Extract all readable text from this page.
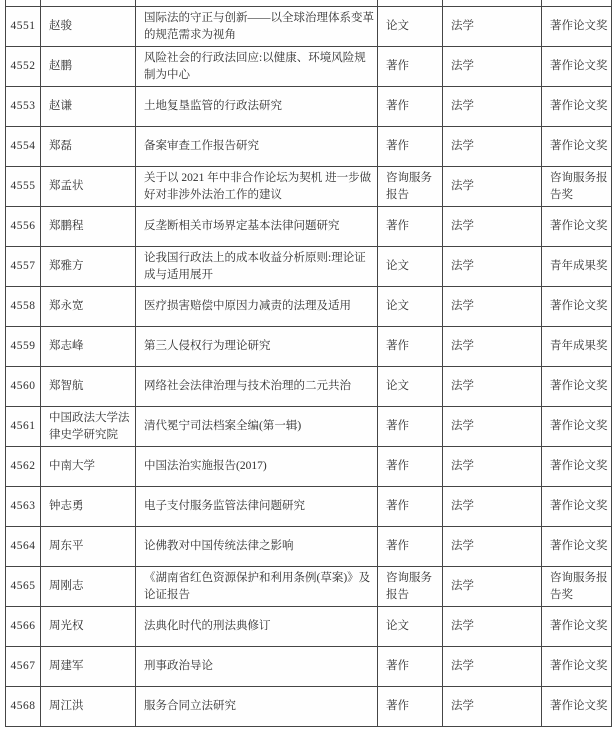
4551	赵骏	国际法的守正与创新——以全球治理体系变革的规范需求为视角	论文	法学	著作论文奖
4552	赵鹏	风险社会的行政法回应:以健康、环境风险规制为中心	著作	法学	著作论文奖
4553	赵谦	土地复垦监管的行政法研究	著作	法学	著作论文奖
4554	郑磊	备案审查工作报告研究	著作	法学	著作论文奖
4555	郑孟状	关于以 2021 年中非合作论坛为契机 进一步做好对非涉外法治工作的建议	咨询服务报告	法学	咨询服务报告奖
4556	郑鹏程	反垄断相关市场界定基本法律问题研究	著作	法学	著作论文奖
4557	郑雅方	论我国行政法上的成本收益分析原则:理论证成与适用展开	论文	法学	青年成果奖
4558	郑永宽	医疗损害赔偿中原因力减责的法理及适用	论文	法学	著作论文奖
4559	郑志峰	第三人侵权行为理论研究	著作	法学	青年成果奖
4560	郑智航	网络社会法律治理与技术治理的二元共治	论文	法学	著作论文奖
4561	中国政法大学法律史学研究院	清代冕宁司法档案全编(第一辑)	著作	法学	著作论文奖
4562	中南大学	中国法治实施报告(2017)	著作	法学	著作论文奖
4563	钟志勇	电子支付服务监管法律问题研究	著作	法学	著作论文奖
4564	周东平	论佛教对中国传统法律之影响	著作	法学	著作论文奖
4565	周刚志	《湖南省红色资源保护和利用条例(草案)》及论证报告	咨询服务报告	法学	咨询服务报告奖
4566	周光权	法典化时代的刑法典修订	论文	法学	著作论文奖
4567	周建军	刑事政治导论	著作	法学	著作论文奖
4568	周江洪	服务合同立法研究	著作	法学	著作论文奖
